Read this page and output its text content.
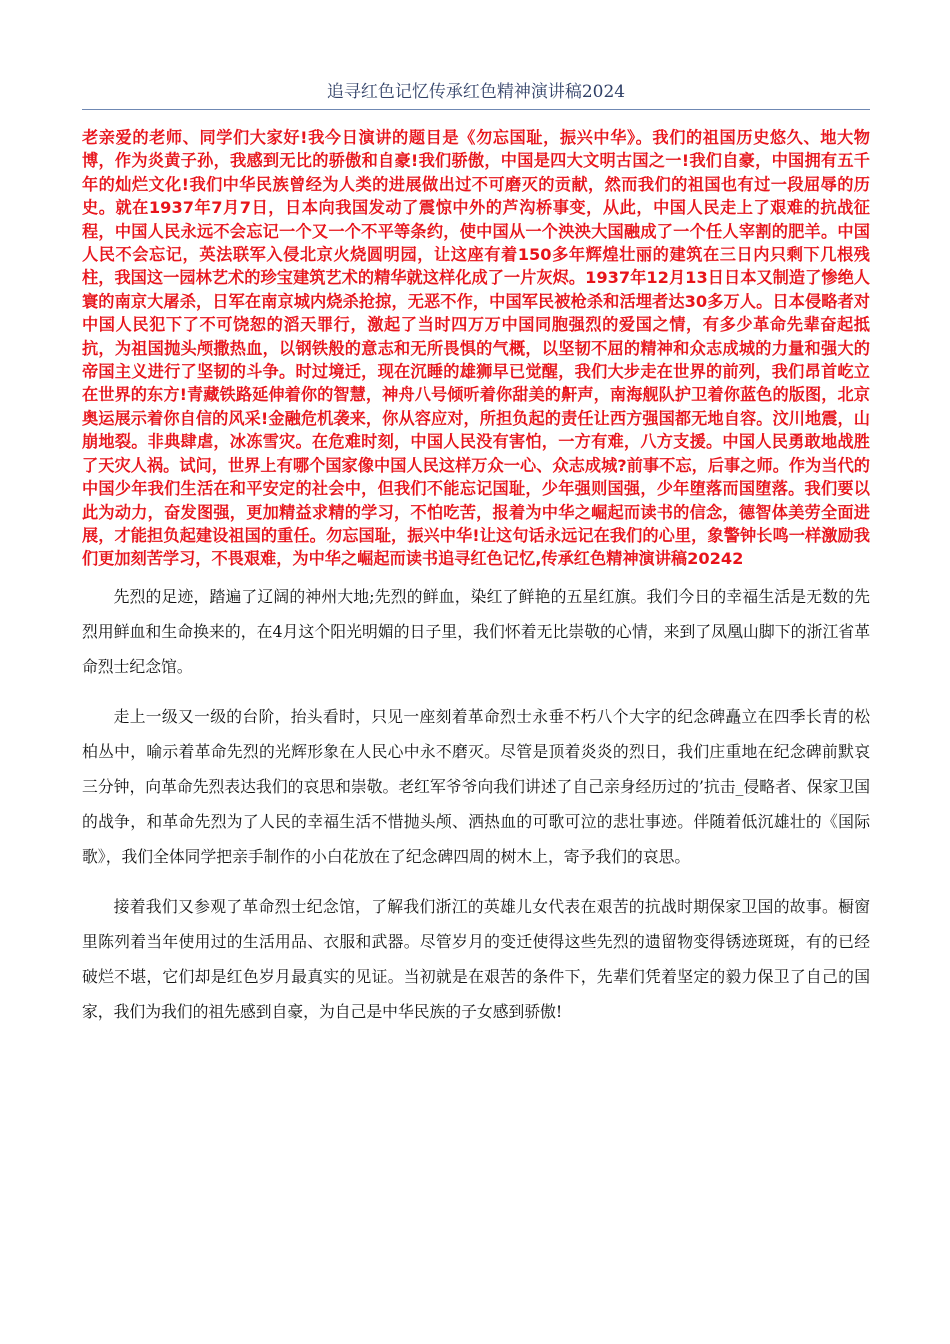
追寻红色记忆传承红色精神演讲稿2024
老亲爱的老师、同学们大家好!我今日演讲的题目是《勿忘国耻，振兴中华》。我们的祖国历史悠久、地大物博，作为炎黄子孙，我感到无比的骄傲和自豪!我们骄傲，中国是四大文明古国之一!我们自豪，中国拥有五千年的灿烂文化!我们中华民族曾经为人类的进展做出过不可磨灭的贡献，然而我们的祖国也有过一段屈辱的历史。就在1937年7月7日，日本向我国发动了震惊中外的芦沟桥事变，从此，中国人民走上了艰难的抗战征程，中国人民永远不会忘记一个又一个不平等条约，使中国从一个泱泱大国融成了一个任人宰割的肥羊。中国人民不会忘记，英法联军入侵北京火烧圆明园，让这座有着150多年辉煌壮丽的建筑在三日内只剩下几根残柱，我国这一园林艺术的珍宝建筑艺术的精华就这样化成了一片灰烬。1937年12月13日日本又制造了惨绝人寰的南京大屠杀，日军在南京城内烧杀抢掠，无恶不作，中国军民被枪杀和活埋者达30多万人。日本侵略者对中国人民犯下了不可饶恕的滔天罪行，激起了当时四万万中国同胞强烈的爱国之情，有多少革命先辈奋起抵抗，为祖国抛头颅撒热血，以钢铁般的意志和无所畏惧的气概，以坚韧不屈的精神和众志成城的力量和强大的帝国主义进行了坚韧的斗争。时过境迁，现在沉睡的雄狮早已觉醒，我们大步走在世界的前列，我们昂首屹立在世界的东方!青藏铁路延伸着你的智慧，神舟八号倾听着你甜美的鼾声，南海舰队护卫着你蓝色的版图，北京奥运展示着你自信的风采!金融危机袭来，你从容应对，所担负起的责任让西方强国都无地自容。汶川地震，山崩地裂。非典肆虐，冰冻雪灾。在危难时刻，中国人民没有害怕，一方有难，八方支援。中国人民勇敢地战胜了天灾人祸。试问，世界上有哪个国家像中国人民这样万众一心、众志成城?前事不忘，后事之师。作为当代的中国少年我们生活在和平安定的社会中，但我们不能忘记国耻，少年强则国强，少年堕落而国堕落。我们要以此为动力，奋发图强，更加精益求精的学习，不怕吃苦，报着为中华之崛起而读书的信念，德智体美劳全面进展，才能担负起建设祖国的重任。勿忘国耻，振兴中华!让这句话永远记在我们的心里，象警钟长鸣一样激励我们更加刻苦学习，不畏艰难，为中华之崛起而读书追寻红色记忆,传承红色精神演讲稿20242

先烈的足迹，踏遍了辽阔的神州大地;先烈的鲜血，染红了鲜艳的五星红旗。我们今日的幸福生活是无数的先烈用鲜血和生命换来的，在4月这个阳光明媚的日子里，我们怀着无比崇敬的心情，来到了凤凰山脚下的浙江省革命烈士纪念馆。

走上一级又一级的台阶，抬头看时，只见一座刻着革命烈士永垂不朽八个大字的纪念碑矗立在四季长青的松柏丛中，喻示着革命先烈的光辉形象在人民心中永不磨灭。尽管是顶着炎炎的烈日，我们庄重地在纪念碑前默哀三分钟，向革命先烈表达我们的哀思和崇敬。老红军爷爷向我们讲述了自己亲身经历过的’抗击_侵略者、保家卫国的战争，和革命先烈为了人民的幸福生活不惜抛头颅、洒热血的可歌可泣的悲壮事迹。伴随着低沉雄壮的《国际歌》，我们全体同学把亲手制作的小白花放在了纪念碑四周的树木上，寄予我们的哀思。

接着我们又参观了革命烈士纪念馆，了解我们浙江的英雄儿女代表在艰苦的抗战时期保家卫国的故事。橱窗里陈列着当年使用过的生活用品、衣服和武器。尽管岁月的变迁使得这些先烈的遗留物变得锈迹斑斑，有的已经破烂不堪，它们却是红色岁月最真实的见证。当初就是在艰苦的条件下，先辈们凭着坚定的毅力保卫了自己的国家，我们为我们的祖先感到自豪，为自己是中华民族的子女感到骄傲!
